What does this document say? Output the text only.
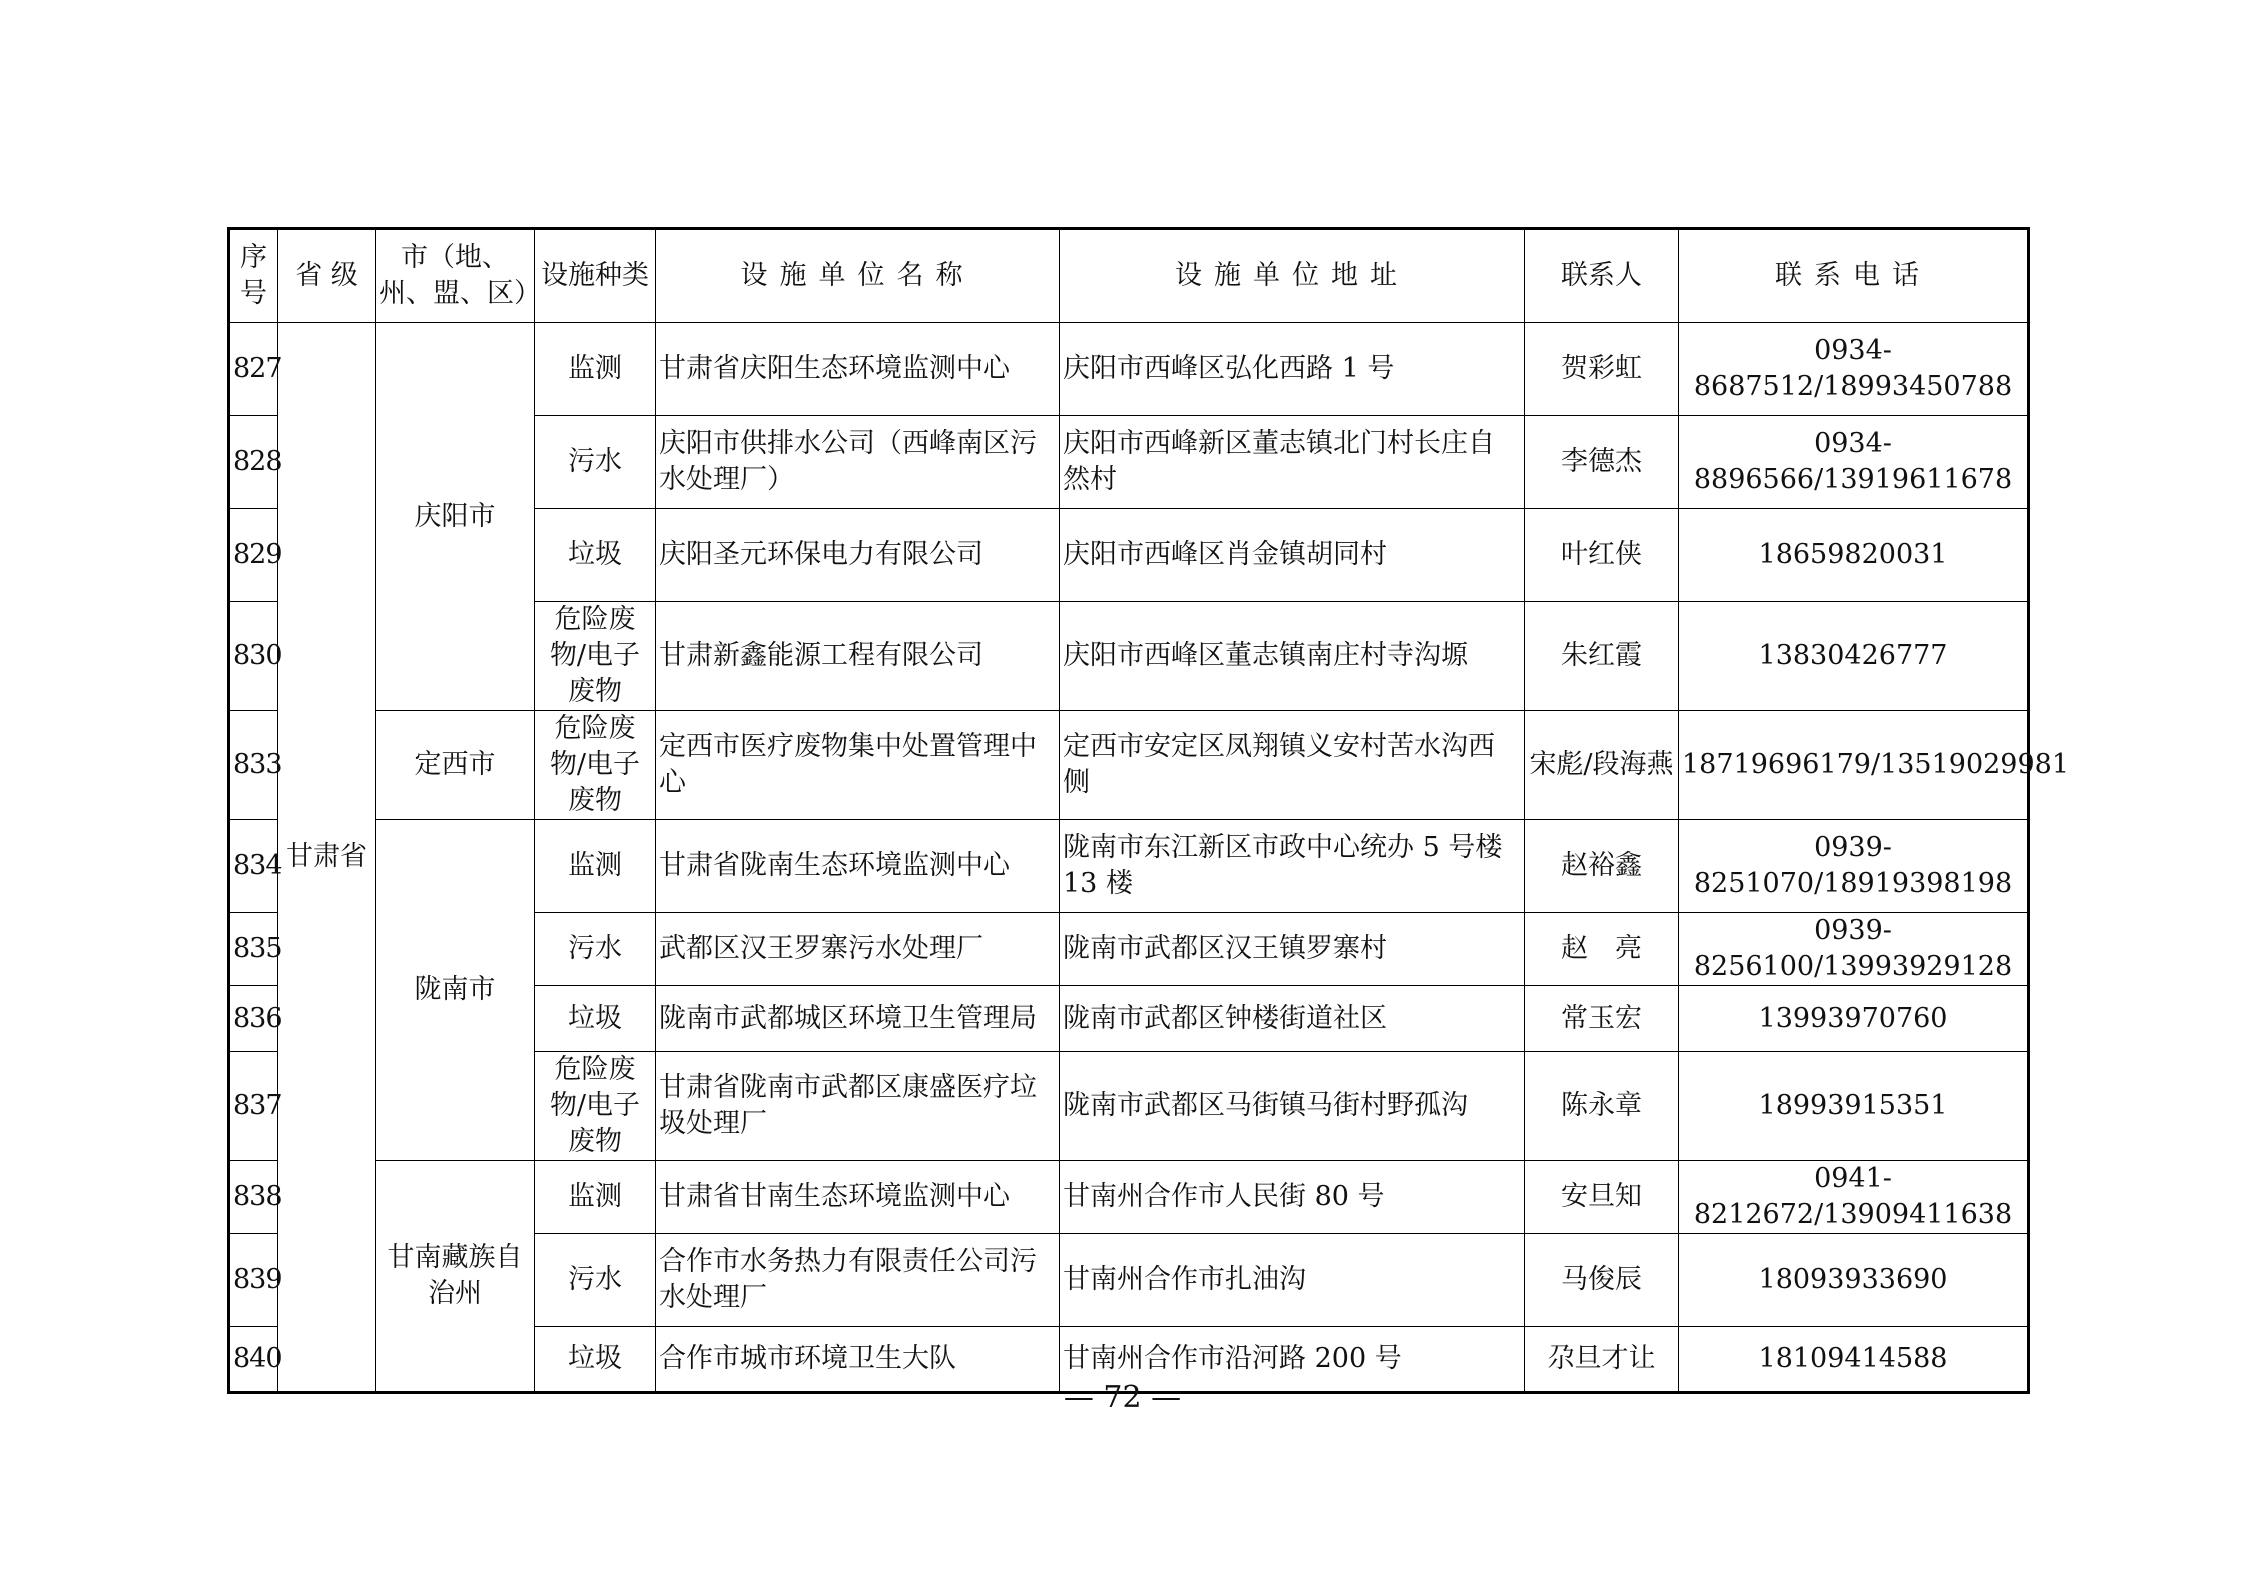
序号	省 级	市（地、州、盟、区）	设施种类	设施单位名称	设施单位地址	联系人	联系电话
827	甘肃省	庆阳市	监测	甘肃省庆阳生态环境监测中心	庆阳市西峰区弘化西路 1 号	贺彩虹	0934-8687512/18993450788
828			污水	庆阳市供排水公司（西峰南区污水处理厂）	庆阳市西峰新区董志镇北门村长庄自然村	李德杰	0934-8896566/13919611678
829			垃圾	庆阳圣元环保电力有限公司	庆阳市西峰区肖金镇胡同村	叶红侠	18659820031
830			危险废物/电子废物	甘肃新鑫能源工程有限公司	庆阳市西峰区董志镇南庄村寺沟塬	朱红霞	13830426777
833		定西市	危险废物/电子废物	定西市医疗废物集中处置管理中心	定西市安定区凤翔镇义安村苦水沟西侧	宋彪/段海燕	18719696179/13519029981
834		陇南市	监测	甘肃省陇南生态环境监测中心	陇南市东江新区市政中心统办 5 号楼 13 楼	赵裕鑫	0939-8251070/18919398198
835			污水	武都区汉王罗寨污水处理厂	陇南市武都区汉王镇罗寨村	赵　亮	0939-8256100/13993929128
836			垃圾	陇南市武都城区环境卫生管理局	陇南市武都区钟楼街道社区	常玉宏	13993970760
837			危险废物/电子废物	甘肃省陇南市武都区康盛医疗垃圾处理厂	陇南市武都区马街镇马街村野孤沟	陈永章	18993915351
838		甘南藏族自治州	监测	甘肃省甘南生态环境监测中心	甘南州合作市人民街 80 号	安旦知	0941-8212672/13909411638
839			污水	合作市水务热力有限责任公司污水处理厂	甘南州合作市扎油沟	马俊辰	18093933690
840			垃圾	合作市城市环境卫生大队	甘南州合作市沿河路 200 号	尕旦才让	18109414588
— 72 —
